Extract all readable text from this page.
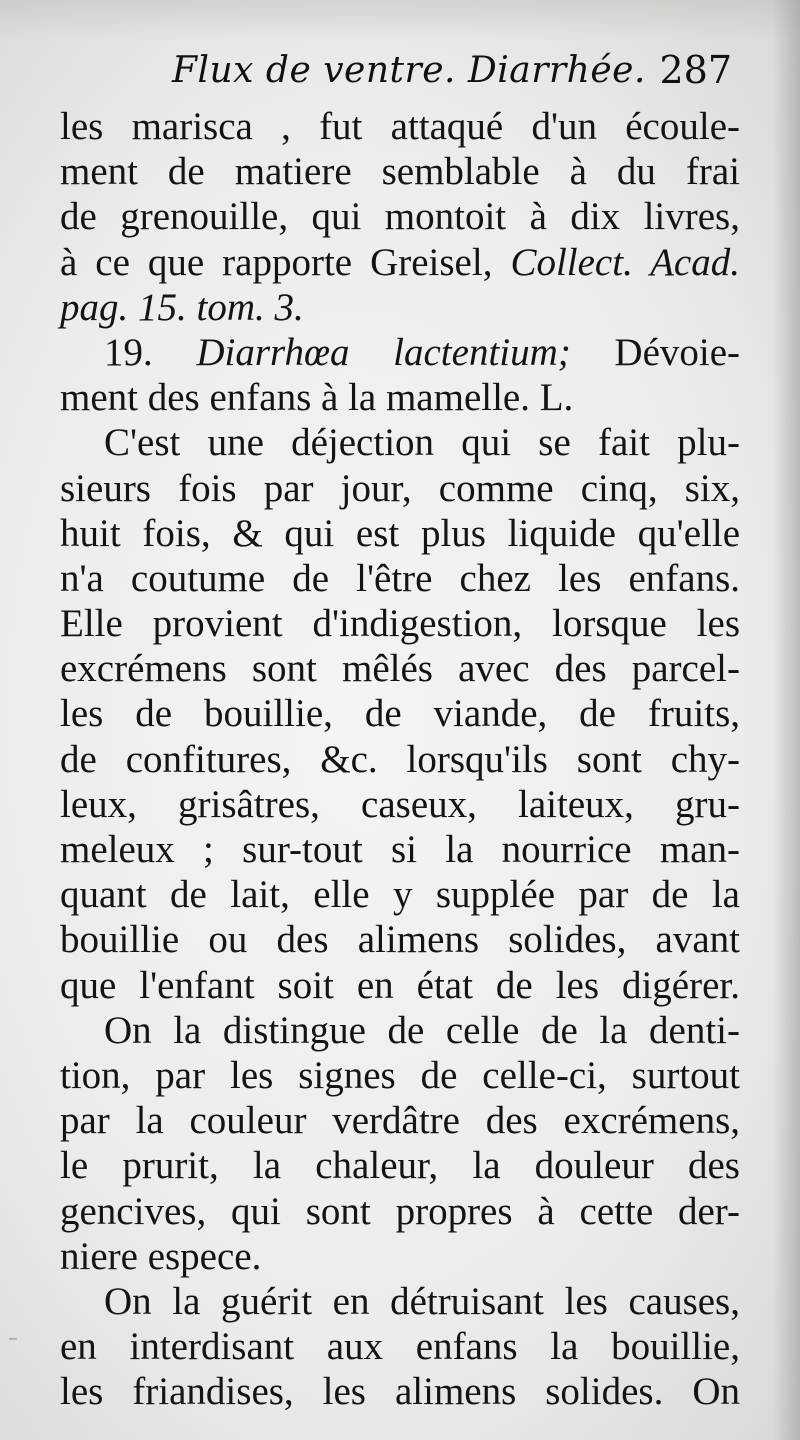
Flux de ventre. Diarrhée. 287
les marisca , fut attaqué d'un écoule-
ment de matiere semblable à du frai
de grenouille, qui montoit à dix livres,
à ce que rapporte Greisel, Collect. Acad.
pag. 15. tom. 3.
19. Diarrhœa lactentium; Dévoie-
ment des enfans à la mamelle. L.
C'est une déjection qui se fait plu-
sieurs fois par jour, comme cinq, six,
huit fois, & qui est plus liquide qu'elle
n'a coutume de l'être chez les enfans.
Elle provient d'indigestion, lorsque les
excrémens sont mêlés avec des parcel-
les de bouillie, de viande, de fruits,
de confitures, &c. lorsqu'ils sont chy-
leux, grisâtres, caseux, laiteux, gru-
meleux ; sur-tout si la nourrice man-
quant de lait, elle y supplée par de la
bouillie ou des alimens solides, avant
que l'enfant soit en état de les digérer.
On la distingue de celle de la denti-
tion, par les signes de celle-ci, surtout
par la couleur verdâtre des excrémens,
le prurit, la chaleur, la douleur des
gencives, qui sont propres à cette der-
niere espece.
On la guérit en détruisant les causes,
en interdisant aux enfans la bouillie,
les friandises, les alimens solides. On
-
